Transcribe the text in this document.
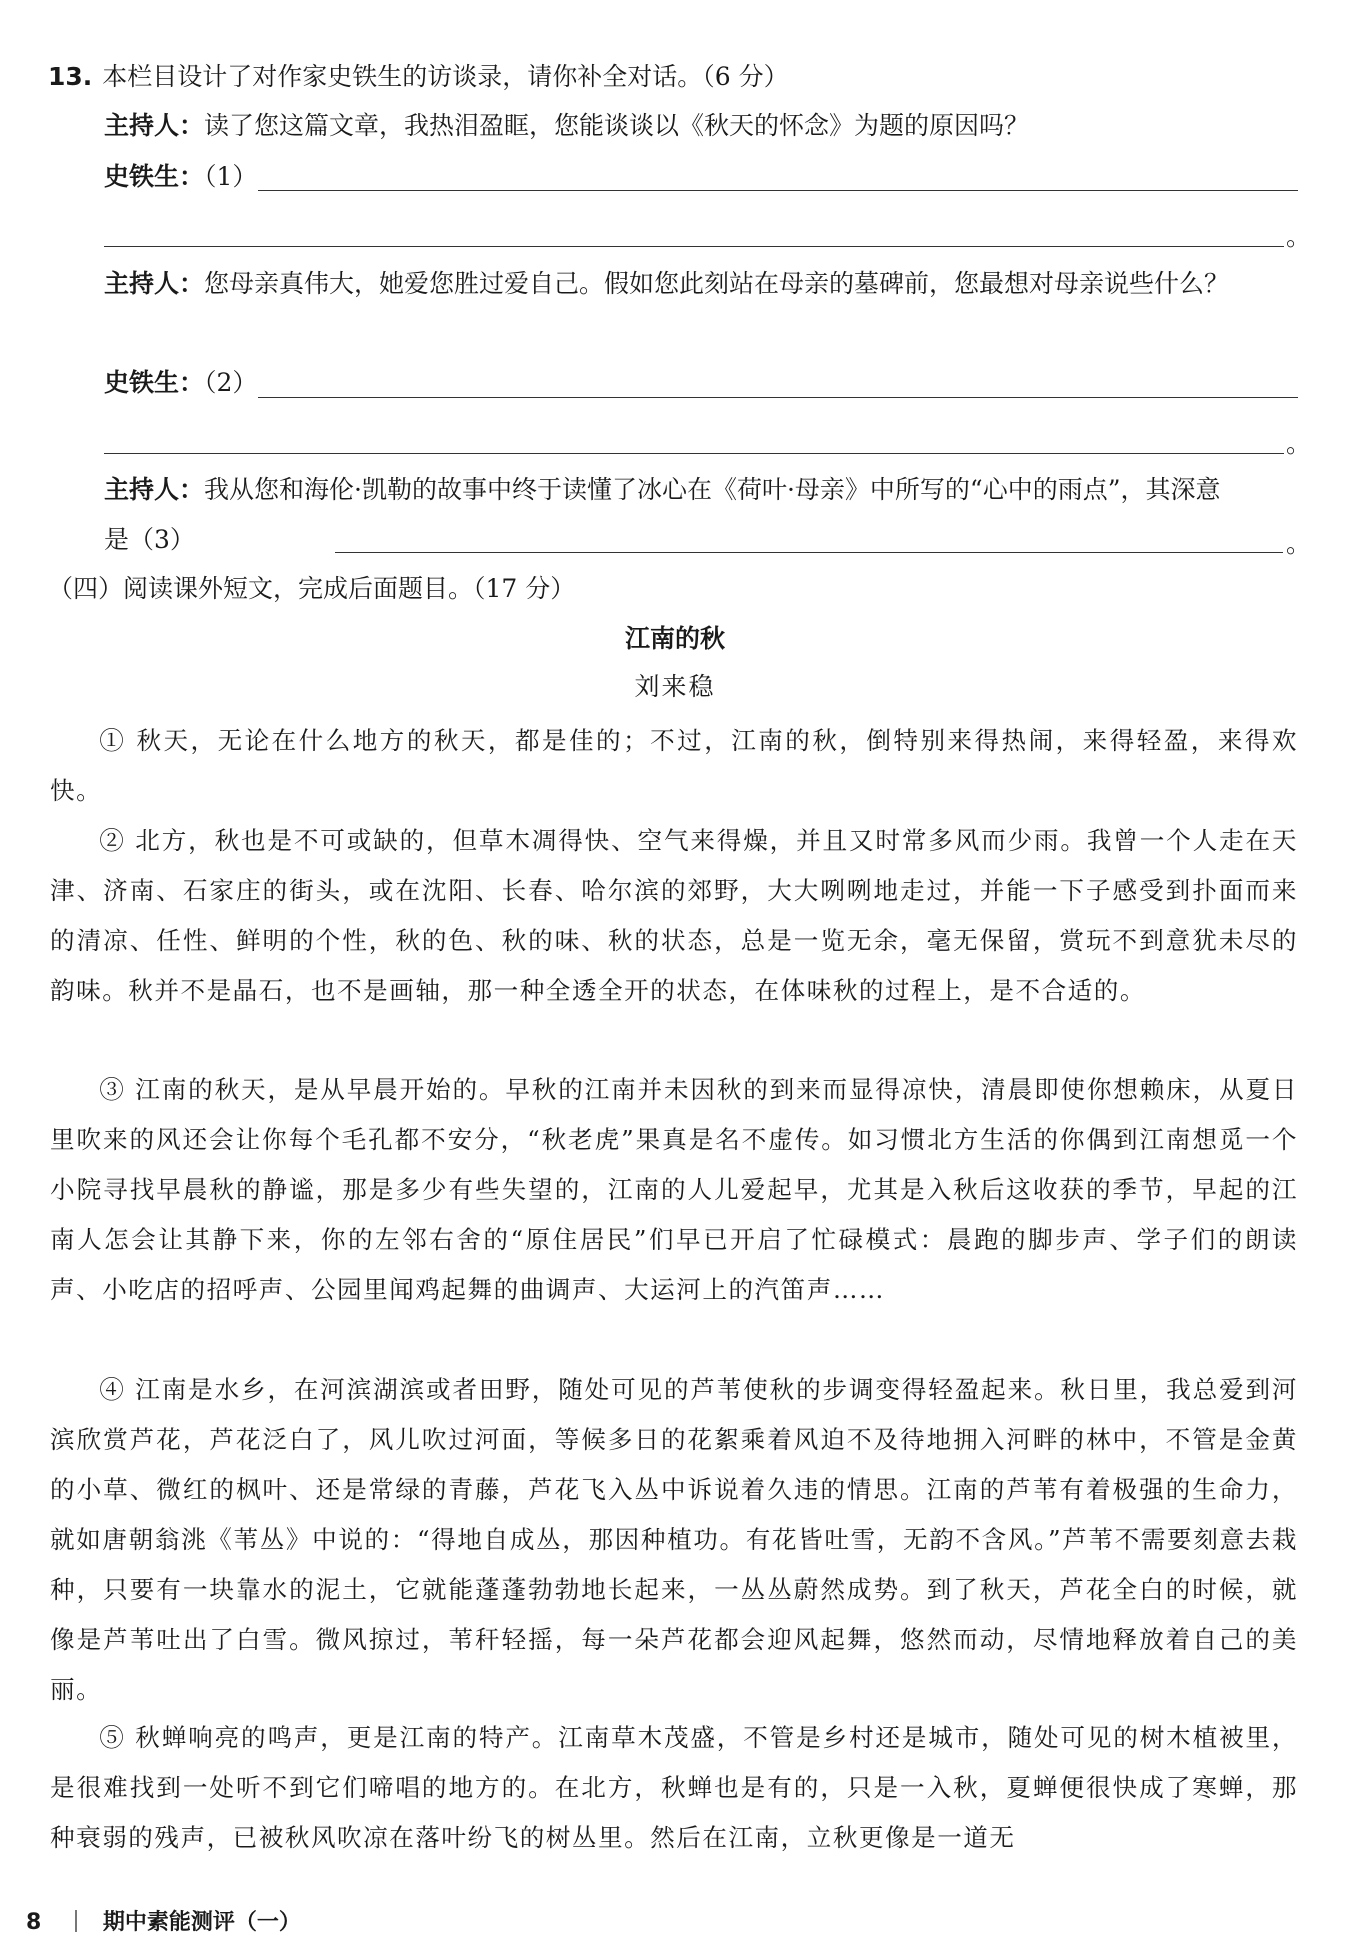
13. 本栏目设计了对作家史铁生的访谈录，请你补全对话。（6 分）
主持人：读了您这篇文章，我热泪盈眶，您能谈谈以《秋天的怀念》为题的原因吗？
史铁生：（1）
。
主持人：您母亲真伟大，她爱您胜过爱自己。假如您此刻站在母亲的墓碑前，您最想对母亲说些什么？
史铁生：（2）
。
主持人：我从您和海伦·凯勒的故事中终于读懂了冰心在《荷叶·母亲》中所写的“心中的雨点”，其深意是（3）	。
（四）阅读课外短文，完成后面题目。（17 分）
江南的秋
刘来稳
① 秋天，无论在什么地方的秋天，都是佳的；不过，江南的秋，倒特别来得热闹，来得轻盈，来得欢快。
② 北方，秋也是不可或缺的，但草木凋得快、空气来得燥，并且又时常多风而少雨。我曾一个人走在天津、济南、石家庄的街头，或在沈阳、长春、哈尔滨的郊野，大大咧咧地走过，并能一下子感受到扑面而来的清凉、任性、鲜明的个性，秋的色、秋的味、秋的状态，总是一览无余，毫无保留，赏玩不到意犹未尽的韵味。秋并不是晶石，也不是画轴，那一种全透全开的状态，在体味秋的过程上，是不合适的。
③ 江南的秋天，是从早晨开始的。早秋的江南并未因秋的到来而显得凉快，清晨即使你想赖床，从夏日里吹来的风还会让你每个毛孔都不安分，“秋老虎”果真是名不虚传。如习惯北方生活的你偶到江南想觅一个小院寻找早晨秋的静谧，那是多少有些失望的，江南的人儿爱起早，尤其是入秋后这收获的季节，早起的江南人怎会让其静下来，你的左邻右舍的“原住居民”们早已开启了忙碌模式：晨跑的脚步声、学子们的朗读声、小吃店的招呼声、公园里闻鸡起舞的曲调声、大运河上的汽笛声……
④ 江南是水乡，在河滨湖滨或者田野，随处可见的芦苇使秋的步调变得轻盈起来。秋日里，我总爱到河滨欣赏芦花，芦花泛白了，风儿吹过河面，等候多日的花絮乘着风迫不及待地拥入河畔的林中，不管是金黄的小草、微红的枫叶、还是常绿的青藤，芦花飞入丛中诉说着久违的情思。江南的芦苇有着极强的生命力，就如唐朝翁洮《苇丛》中说的：“得地自成丛，那因种植功。有花皆吐雪，无韵不含风。”芦苇不需要刻意去栽种，只要有一块靠水的泥土，它就能蓬蓬勃勃地长起来，一丛丛蔚然成势。到了秋天，芦花全白的时候，就像是芦苇吐出了白雪。微风掠过，苇秆轻摇，每一朵芦花都会迎风起舞，悠然而动，尽情地释放着自己的美丽。
⑤ 秋蝉响亮的鸣声，更是江南的特产。江南草木茂盛，不管是乡村还是城市，随处可见的树木植被里，是很难找到一处听不到它们啼唱的地方的。在北方，秋蝉也是有的，只是一入秋，夏蝉便很快成了寒蝉，那种衰弱的残声，已被秋风吹凉在落叶纷飞的树丛里。然后在江南，立秋更像是一道无
8	期中素能测评（一）
